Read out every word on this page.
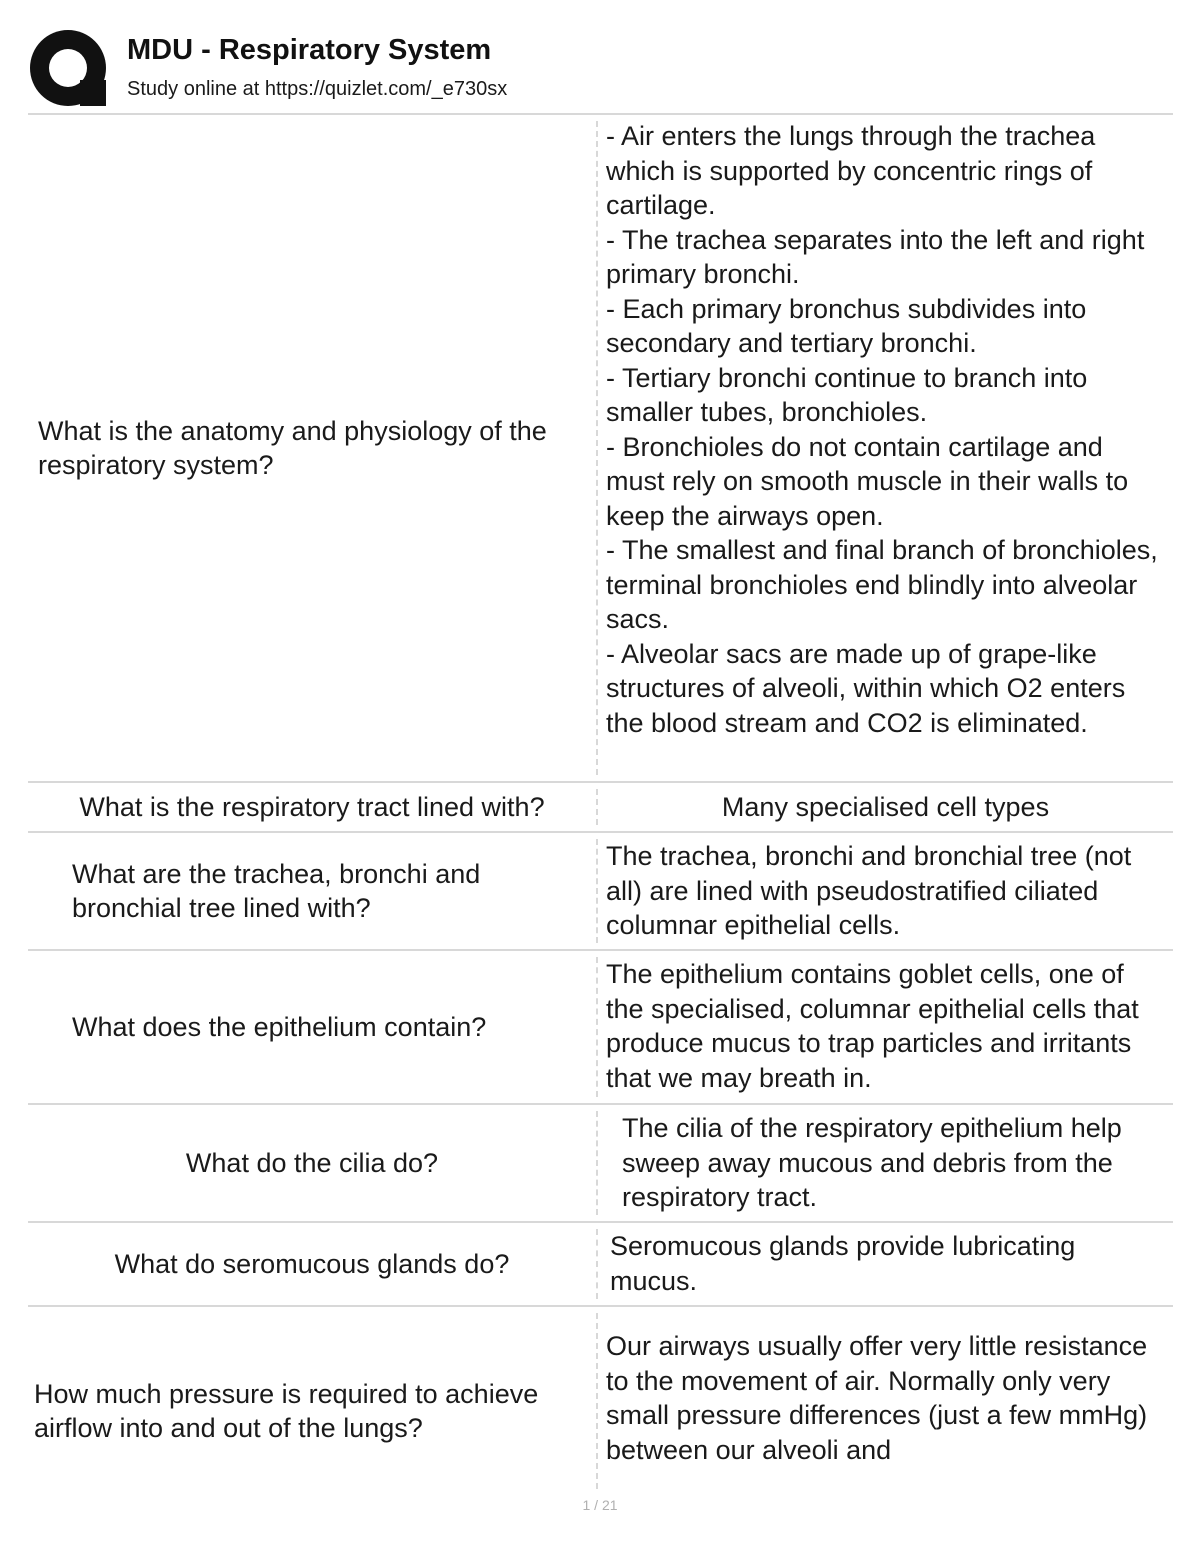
MDU - Respiratory System
Study online at https://quizlet.com/_e730sx
What is the anatomy and physiology of the respiratory system?

- Air enters the lungs through the trachea which is supported by concentric rings of cartilage.

- The trachea separates into the left and right primary bronchi.

- Each primary bronchus subdivides into secondary and tertiary bronchi.

- Tertiary bronchi continue to branch into smaller tubes, bronchioles.

- Bronchioles do not contain cartilage and must rely on smooth muscle in their walls to keep the airways open.

- The smallest and final branch of bronchioles, terminal bronchioles end blindly into alveolar sacs.

- Alveolar sacs are made up of grape-like structures of alveoli, within which O2 enters the blood stream and CO2 is eliminated.

What is the respiratory tract lined with?	Many specialised cell types

What are the trachea, bronchi and bronchial tree lined with?

The trachea, bronchi and bronchial tree (not all) are lined with pseudostratified ciliated columnar epithelial cells.

What does the epithelium contain?

The epithelium contains goblet cells, one of the specialised, columnar epithelial cells that produce mucus to trap particles and irritants that we may breath in.

What do the cilia do?

The cilia of the respiratory epithelium help sweep away mucous and debris from the respiratory tract.

What do seromucous glands do?

Seromucous glands provide lubricating mucus.

How much pressure is required to achieve airflow into and out of the lungs?

Our airways usually offer very little resistance to the movement of air. Normally only very small pressure differences (just a few mmHg) between our alveoli and

1 / 21
